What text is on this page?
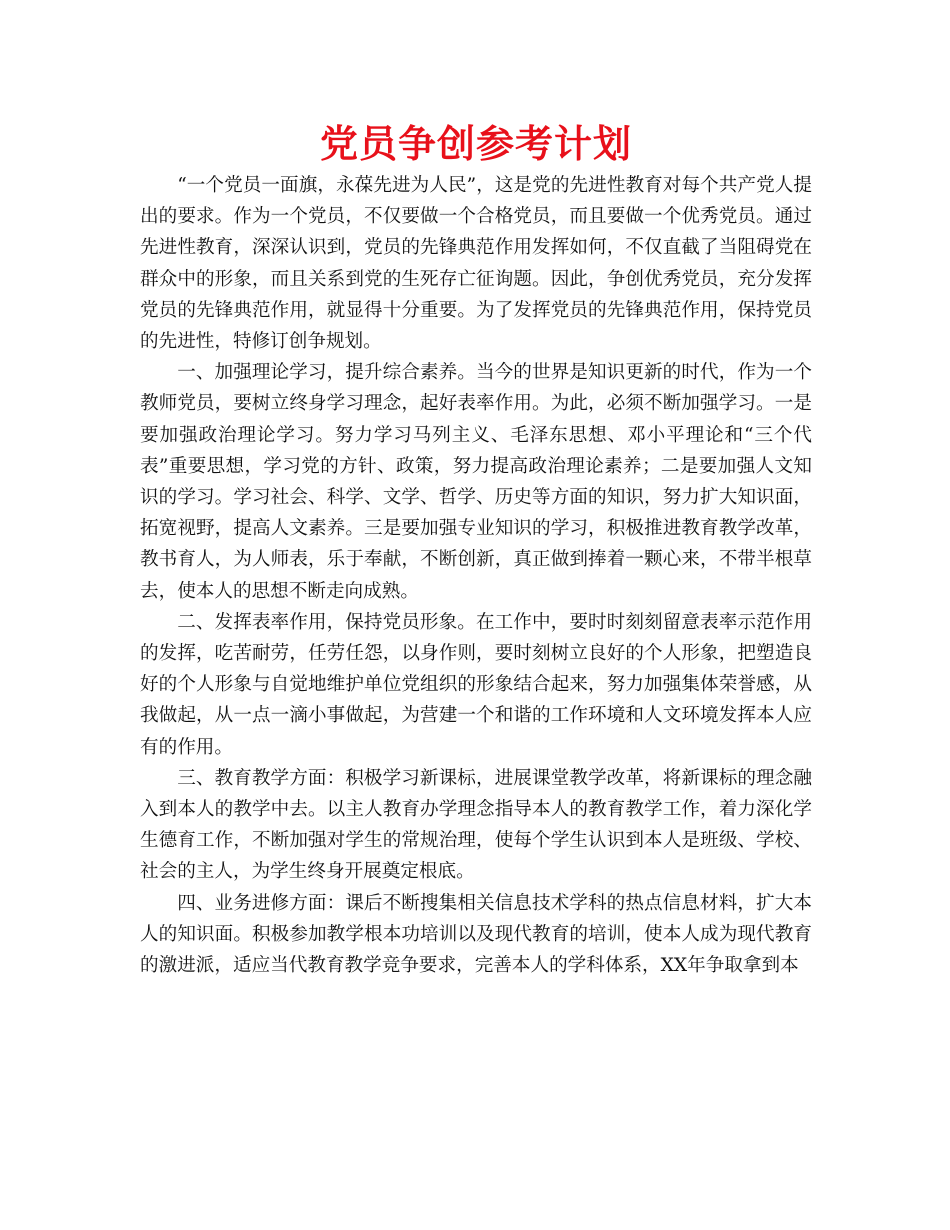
党员争创参考计划

“一个党员一面旗，永葆先进为人民”，这是党的先进性教育对每个共产党人提出的要求。作为一个党员，不仅要做一个合格党员，而且要做一个优秀党员。通过先进性教育，深深认识到，党员的先锋典范作用发挥如何，不仅直截了当阻碍党在群众中的形象，而且关系到党的生死存亡征询题。因此，争创优秀党员，充分发挥党员的先锋典范作用，就显得十分重要。为了发挥党员的先锋典范作用，保持党员的先进性，特修订创争规划。

一、加强理论学习，提升综合素养。当今的世界是知识更新的时代，作为一个教师党员，要树立终身学习理念，起好表率作用。为此，必须不断加强学习。一是要加强政治理论学习。努力学习马列主义、毛泽东思想、邓小平理论和“三个代表”重要思想，学习党的方针、政策，努力提高政治理论素养；二是要加强人文知识的学习。学习社会、科学、文学、哲学、历史等方面的知识，努力扩大知识面，拓宽视野，提高人文素养。三是要加强专业知识的学习，积极推进教育教学改革，教书育人，为人师表，乐于奉献，不断创新，真正做到捧着一颗心来，不带半根草去，使本人的思想不断走向成熟。

二、发挥表率作用，保持党员形象。在工作中，要时时刻刻留意表率示范作用的发挥，吃苦耐劳，任劳任怨，以身作则，要时刻树立良好的个人形象，把塑造良好的个人形象与自觉地维护单位党组织的形象结合起来，努力加强集体荣誉感，从我做起，从一点一滴小事做起，为营建一个和谐的工作环境和人文环境发挥本人应有的作用。

三、教育教学方面：积极学习新课标，进展课堂教学改革，将新课标的理念融入到本人的教学中去。以主人教育办学理念指导本人的教育教学工作，着力深化学生德育工作，不断加强对学生的常规治理，使每个学生认识到本人是班级、学校、社会的主人，为学生终身开展奠定根底。

四、业务进修方面：课后不断搜集相关信息技术学科的热点信息材料，扩大本人的知识面。积极参加教学根本功培训以及现代教育的培训，使本人成为现代教育的激进派，适应当代教育教学竞争要求，完善本人的学科体系，XX年争取拿到本
